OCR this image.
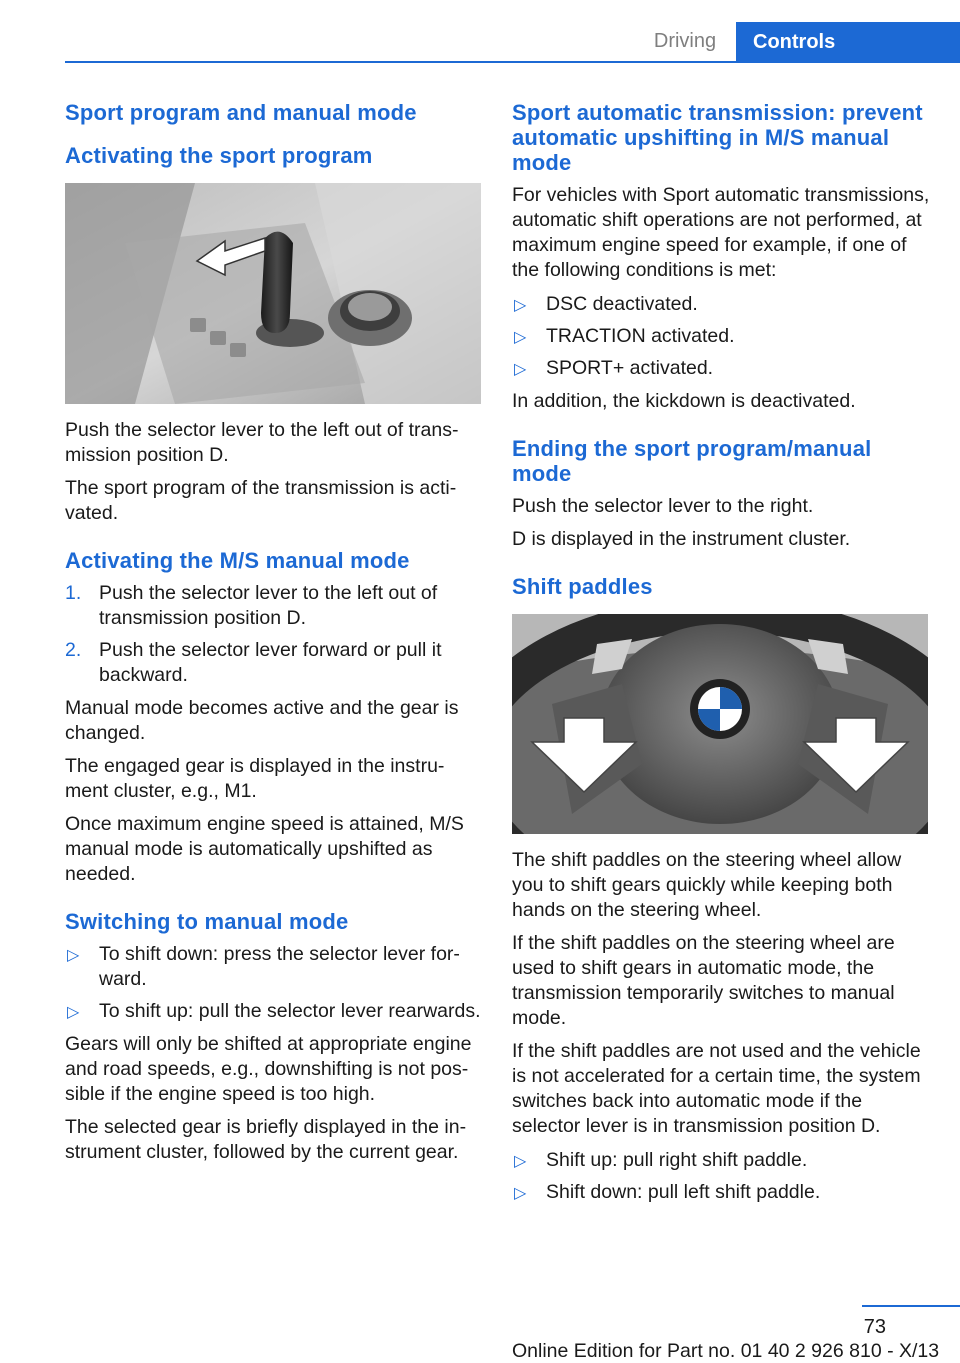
Driving	Controls
Sport program and manual mode
Activating the sport program

Push the selector lever to the left out of transmission position D.

The sport program of the transmission is activated.

Activating the M/S manual mode
1. Push the selector lever to the left out of transmission position D.
2. Push the selector lever forward or pull it backward.

Manual mode becomes active and the gear is changed.

The engaged gear is displayed in the instrument cluster, e.g., M1.

Once maximum engine speed is attained, M/S manual mode is automatically upshifted as needed.

Switching to manual mode
▷ To shift down: press the selector lever forward.
▷ To shift up: pull the selector lever rearwards.

Gears will only be shifted at appropriate engine and road speeds, e.g., downshifting is not possible if the engine speed is too high.

The selected gear is briefly displayed in the instrument cluster, followed by the current gear.

Sport automatic transmission: prevent automatic upshifting in M/S manual mode

For vehicles with Sport automatic transmissions, automatic shift operations are not performed, at maximum engine speed for example, if one of the following conditions is met:

▷ DSC deactivated.
▷ TRACTION activated.
▷ SPORT+ activated.

In addition, the kickdown is deactivated.

Ending the sport program/manual mode

Push the selector lever to the right.

D is displayed in the instrument cluster.

Shift paddles

The shift paddles on the steering wheel allow you to shift gears quickly while keeping both hands on the steering wheel.

If the shift paddles on the steering wheel are used to shift gears in automatic mode, the transmission temporarily switches to manual mode.

If the shift paddles are not used and the vehicle is not accelerated for a certain time, the system switches back into automatic mode if the selector lever is in transmission position D.

▷ Shift up: pull right shift paddle.
▷ Shift down: pull left shift paddle.
73
Online Edition for Part no. 01 40 2 926 810 - X/13
